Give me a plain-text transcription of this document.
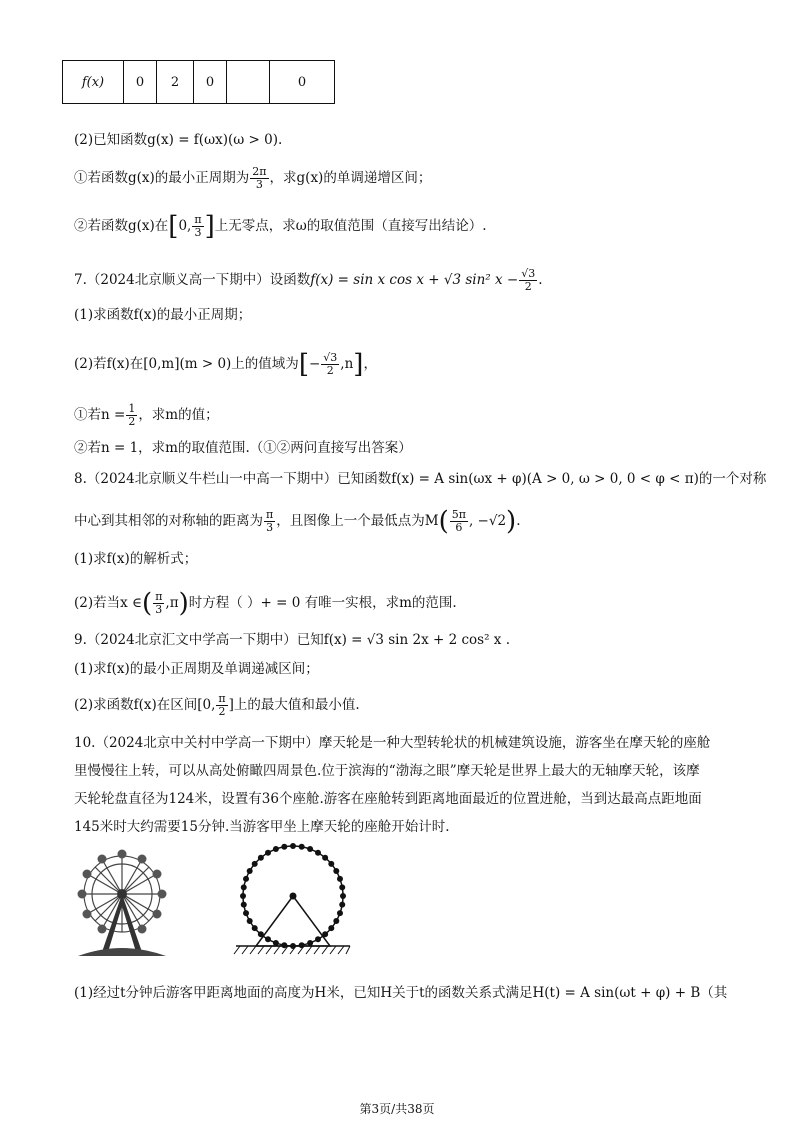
f(x)	0	2	0		0
(2)已知函数g(x) = f(ωx)(ω > 0).
①若函数g(x)的最小正周期为 $\frac{2\pi}{3}$ ，求g(x)的单调递增区间；
②若函数g(x)在[0, $\frac{\pi}{3}$ ]上无零点，求ω的取值范围（直接写出结论）.
7.（2024北京顺义高一下期中）设函数f(x) = sin x cos x + √3 sin² $x - \frac{√3}{2}$ .
(1)求函数f(x)的最小正周期；
(2)若f(x)在[0,m](m > 0)上的值域为[− $\frac{√3}{2} ,n$]，
①若$n = \frac{1}{2}$ ，求m的值；
②若n = 1，求m的取值范围.（①②两问直接写出答案）
8.（2024北京顺义牛栏山一中高一下期中）已知函数f(x) = A sin(ωx + φ)(A > 0, ω > 0, 0 < φ < π)的一个对称
中心到其相邻的对称轴的距离为 $\frac{\pi}{3}$ ，且图像上一个最低点为$M( \frac{5\pi}{6}$ , −√2).
(1)求f(x)的解析式；
(2)若当x ∈( $\frac{\pi}{3} ,\pi$)时方程（ ）+ = 0 有唯一实根，求m的范围.
9.（2024北京汇文中学高一下期中）已知f(x) = √3 sin 2x + 2 cos² x .
(1)求f(x)的最小正周期及单调递减区间；
(2)求函数f(x)在区间[0, $\frac{\pi}{2}$ ]上的最大值和最小值.
10.（2024北京中关村中学高一下期中）摩天轮是一种大型转轮状的机械建筑设施，游客坐在摩天轮的座舱
里慢慢往上转，可以从高处俯瞰四周景色.位于滨海的“渤海之眼”摩天轮是世界上最大的无轴摩天轮，该摩
天轮轮盘直径为124米，设置有36个座舱.游客在座舱转到距离地面最近的位置进舱，当到达最高点距地面
145米时大约需要15分钟.当游客甲坐上摩天轮的座舱开始计时.
(1)经过t分钟后游客甲距离地面的高度为H米，已知H关于t的函数关系式满足H(t) = A sin(ωt + φ) + B（其
第3页/共38页
